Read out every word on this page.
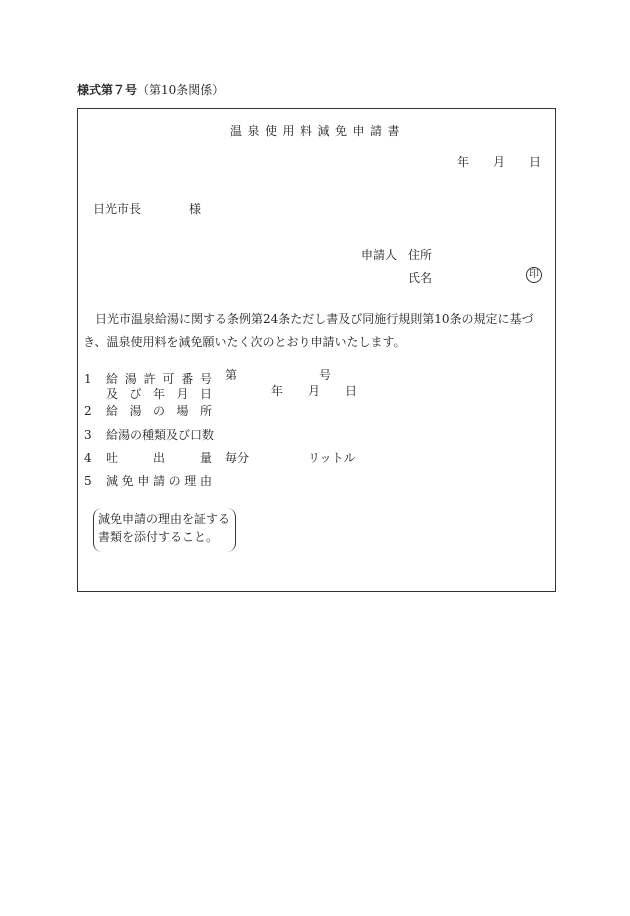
様式第７号（第10条関係）
温泉使用料減免申請書
年 月 日
日光市長	様
申請人 住所
氏名	印
日光市温泉給湯に関する条例第24条ただし書及び同施行規則第10条の規定に基づき、温泉使用料を減免願いたく次のとおり申請いたします。
1 給 湯 許 可 番 号
及 び 年 月 日
第	号
年 月 日
2 給 湯 の 場 所
3 給湯の種類及び口数
4 吐	出	量 毎分	リットル
5 減 免 申 請 の 理 由
減免申請の理由を証する
書類を添付すること。
